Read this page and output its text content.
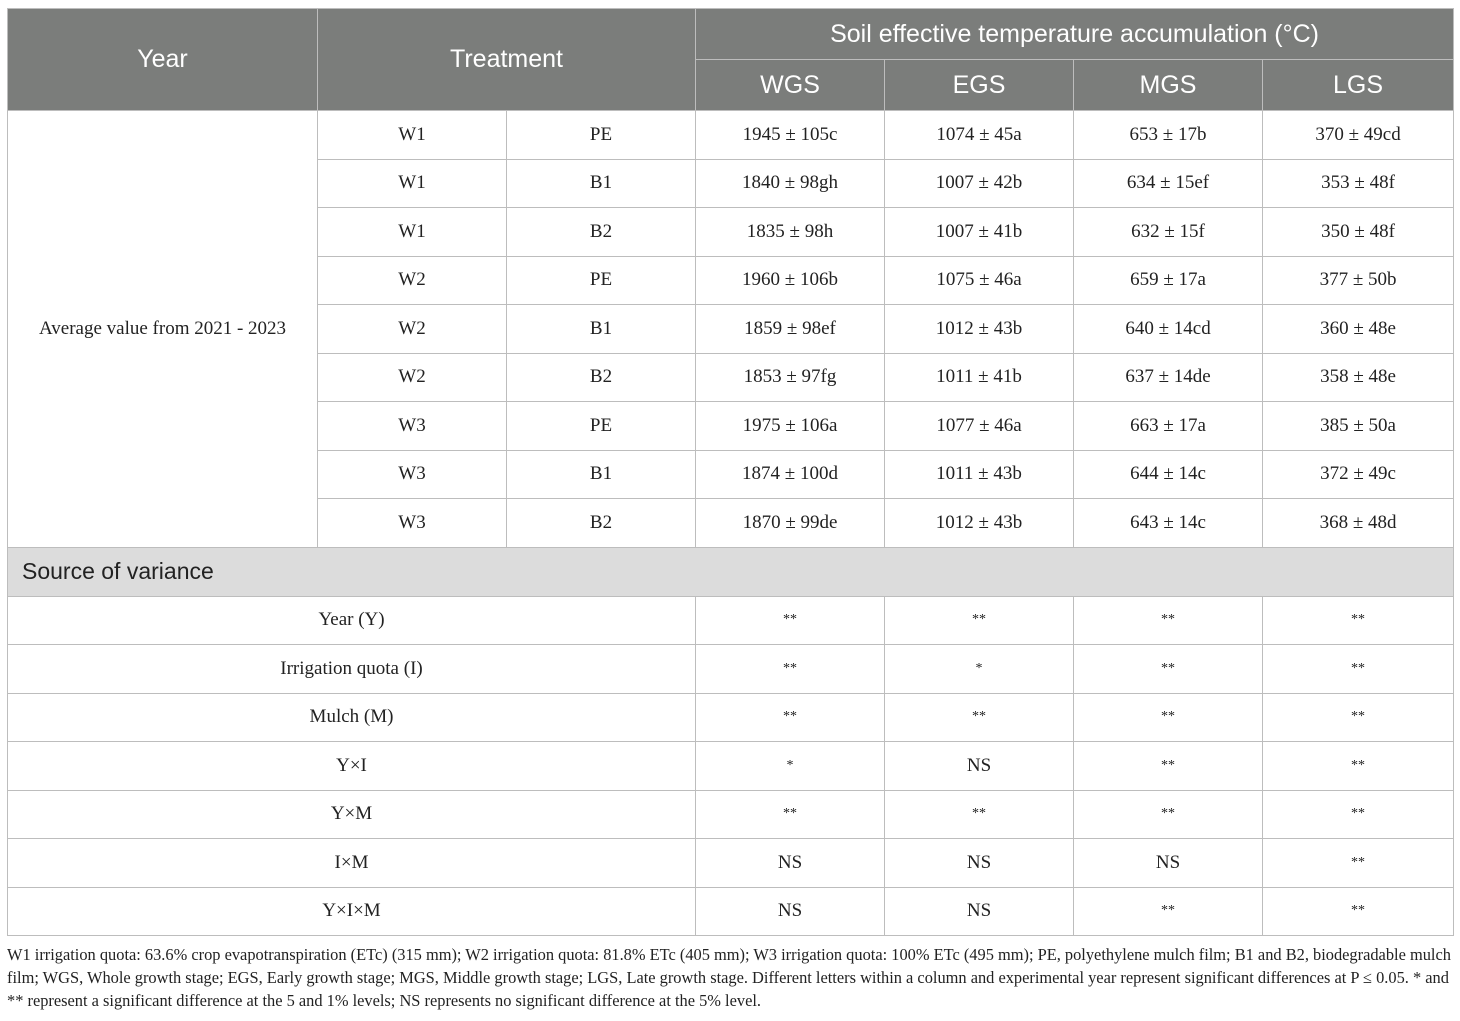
Year	Treatment		Soil effective temperature accumulation (°C)			
			WGS	EGS	MGS	LGS
Average value from 2021 - 2023	W1	PE	1945 ± 105c	1074 ± 45a	653 ± 17b	370 ± 49cd
	W1	B1	1840 ± 98gh	1007 ± 42b	634 ± 15ef	353 ± 48f
	W1	B2	1835 ± 98h	1007 ± 41b	632 ± 15f	350 ± 48f
	W2	PE	1960 ± 106b	1075 ± 46a	659 ± 17a	377 ± 50b
	W2	B1	1859 ± 98ef	1012 ± 43b	640 ± 14cd	360 ± 48e
	W2	B2	1853 ± 97fg	1011 ± 41b	637 ± 14de	358 ± 48e
	W3	PE	1975 ± 106a	1077 ± 46a	663 ± 17a	385 ± 50a
	W3	B1	1874 ± 100d	1011 ± 43b	644 ± 14c	372 ± 49c
	W3	B2	1870 ± 99de	1012 ± 43b	643 ± 14c	368 ± 48d
Source of variance						
Year (Y)			**	**	**	**
Irrigation quota (I)			**	*	**	**
Mulch (M)			**	**	**	**
Y×I			*	NS	**	**
Y×M			**	**	**	**
I×M			NS	NS	NS	**
Y×I×M			NS	NS	**	**
W1 irrigation quota: 63.6% crop evapotranspiration (ETc) (315 mm); W2 irrigation quota: 81.8% ETc (405 mm); W3 irrigation quota: 100% ETc (495 mm); PE, polyethylene mulch film; B1 and B2, biodegradable mulch film; WGS, Whole growth stage; EGS, Early growth stage; MGS, Middle growth stage; LGS, Late growth stage. Different letters within a column and experimental year represent significant differences at P ≤ 0.05. * and ** represent a significant difference at the 5 and 1% levels; NS represents no significant difference at the 5% level.
